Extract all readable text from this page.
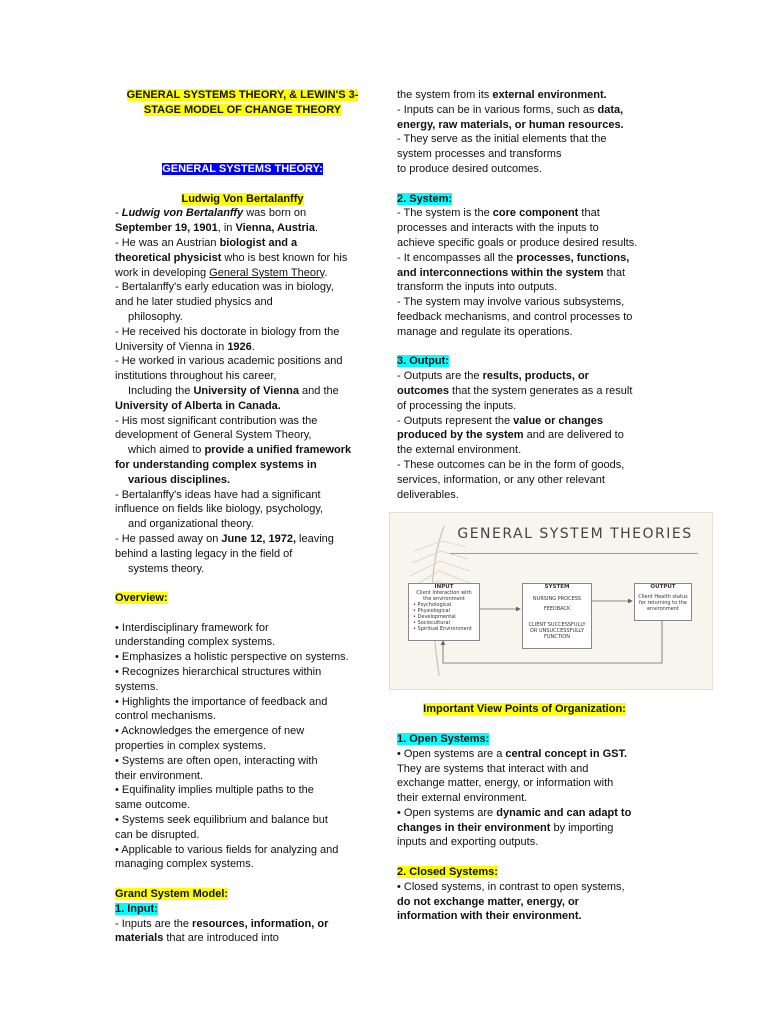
GENERAL SYSTEMS THEORY, & LEWIN'S 3-
STAGE MODEL OF CHANGE THEORY
GENERAL SYSTEMS THEORY:
Ludwig Von Bertalanffy

- Ludwig von Bertalanffy was born on

September 19, 1901, in Vienna, Austria.

- He was an Austrian biologist and a

theoretical physicist who is best known for his

work in developing General System Theory.

- Bertalanffy's early education was in biology,

and he later studied physics and

philosophy.

- He received his doctorate in biology from the

University of Vienna in 1926.

- He worked in various academic positions and

institutions throughout his career,

Including the University of Vienna and the

University of Alberta in Canada.

- His most significant contribution was the

development of General System Theory,

which aimed to provide a unified framework

for understanding complex systems in

various disciplines.

- Bertalanffy's ideas have had a significant

influence on fields like biology, psychology,

and organizational theory.

- He passed away on June 12, 1972, leaving

behind a lasting legacy in the field of

systems theory.

Overview:

• Interdisciplinary framework for

understanding complex systems.

• Emphasizes a holistic perspective on systems.

• Recognizes hierarchical structures within

systems.

• Highlights the importance of feedback and

control mechanisms.

• Acknowledges the emergence of new

properties in complex systems.

• Systems are often open, interacting with

their environment.

• Equifinality implies multiple paths to the

same outcome.

• Systems seek equilibrium and balance but

can be disrupted.

• Applicable to various fields for analyzing and

managing complex systems.

Grand System Model:
1. Input:

- Inputs are the resources, information, or

materials that are introduced into

the system from its external environment.

- Inputs can be in various forms, such as data,

energy, raw materials, or human resources.

- They serve as the initial elements that the

system processes and transforms

to produce desired outcomes.

2. System:

- The system is the core component that

processes and interacts with the inputs to

achieve specific goals or produce desired results.

- It encompasses all the processes, functions,

and interconnections within the system that

transform the inputs into outputs.

- The system may involve various subsystems,

feedback mechanisms, and control processes to

manage and regulate its operations.

3. Output:

- Outputs are the results, products, or

outcomes that the system generates as a result

of processing the inputs.

- Outputs represent the value or changes

produced by the system and are delivered to

the external environment.

- These outcomes can be in the form of goods,

services, information, or any other relevant

deliverables.

GENERAL SYSTEM THEORIES
INPUT
Client Interaction with
the environment
• Psychological
• Physiological
• Developmental
• Sociocultural
• Spiritual Environment
SYSTEM
NURSING PROCESS
FEEDBACK
CLIENT SUCCESSFULLY
OR UNSUCCESSFULLY
FUNCTION
OUTPUT
Client Health status
for returning to the
environment
Important View Points of Organization:
1. Open Systems:

• Open systems are a central concept in GST.

They are systems that interact with and

exchange matter, energy, or information with

their external environment.

• Open systems are dynamic and can adapt to

changes in their environment by importing

inputs and exporting outputs.

2. Closed Systems:

• Closed systems, in contrast to open systems,

do not exchange matter, energy, or

information with their environment.
